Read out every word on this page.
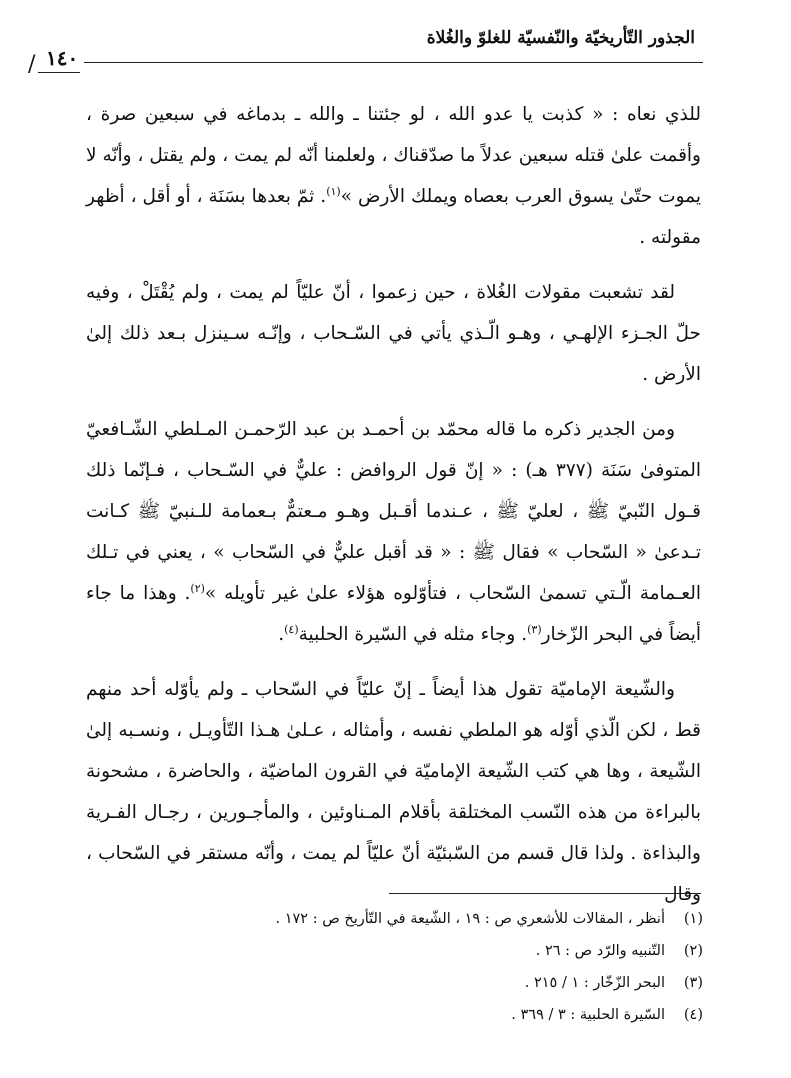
الجذور التّأريخيّة والنّفسيّة للغلوّ والغُلاة
١٤٠
/

للذي نعاه : « كذبت يا عدو الله ، لو جئتنا ـ والله ـ بدماغه في سبعين صرة ، وأقمت علىٰ قتله سبعين عدلاً ما صدّقناك ، ولعلمنا أنّه لم يمت ، ولم يقتل ، وأنّه لا يموت حتّىٰ يسوق العرب بعصاه ويملك الأرض »$^{(١)}$. ثمّ بعدها بسَنَة ، أو أقل ، أظهر مقولته .

لقد تشعبت مقولات الغُلاة ، حين زعموا ، أنّ عليّاً لم يمت ، ولم يُقْتَلْ ، وفيه حلّ الجـزء الإلهـي ، وهـو الّـذي يأتي في السّـحاب ، وإنّـه سـينزل بـعد ذلك إلىٰ الأرض .

ومن الجدير ذكره ما قاله محمّد بن أحمـد بن عبد الرّحمـن المـلطي الشّـافعيّ المتوفىٰ سَنَة (٣٧٧ هـ) : « إنّ قول الروافض : عليٌّ في السّـحاب ، فـإنّما ذلك قـول النّبيّ ﷺ ، لعليّ ﷺ ، عـندما أقـبل وهـو مـعتمٌّ بـعمامة للـنبيّ ﷺ كـانت تـدعىٰ « السّحاب » فقال ﷺ : « قد أقبل عليٌّ في السّحاب » ، يعني في تـلك العـمامة الّـتي تسمىٰ السّحاب ، فتأوّلوه هؤلاء علىٰ غير تأويله »$^{(٢)}$. وهذا ما جاء أيضاً في البحر الزّخار$^{(٣)}$. وجاء مثله في السّيرة الحلبية$^{(٤)}$.

والشّيعة الإماميّة تقول هذا أيضاً ـ إنّ عليّاً في السّحاب ـ ولم يأوّله أحد منهم قط ، لكن الّذي أوّله هو الملطي نفسه ، وأمثاله ، عـلىٰ هـذا التّأويـل ، ونسـبه إلىٰ الشّيعة ، وها هي كتب الشّيعة الإماميّة في القرون الماضيّة ، والحاضرة ، مشحونة بالبراءة من هذه النّسب المختلقة بأقلام المـناوئين ، والمأجـورين ، رجـال الفـرية والبذاءة . ولذا قال قسم من السّبئيّة أنّ عليّاً لم يمت ، وأنّه مستقر في السّحاب ، وقال

(١)أنظر ، المقالات للأشعري ص : ١٩ ، الشّيعة في التّأريخ ص : ١٧٢ .
(٢)التّنبيه والرّد ص : ٢٦ .
(٣)البحر الزّخّار : ١ / ٢١٥ .
(٤)السّيرة الحلبية : ٣ / ٣٦٩ .
